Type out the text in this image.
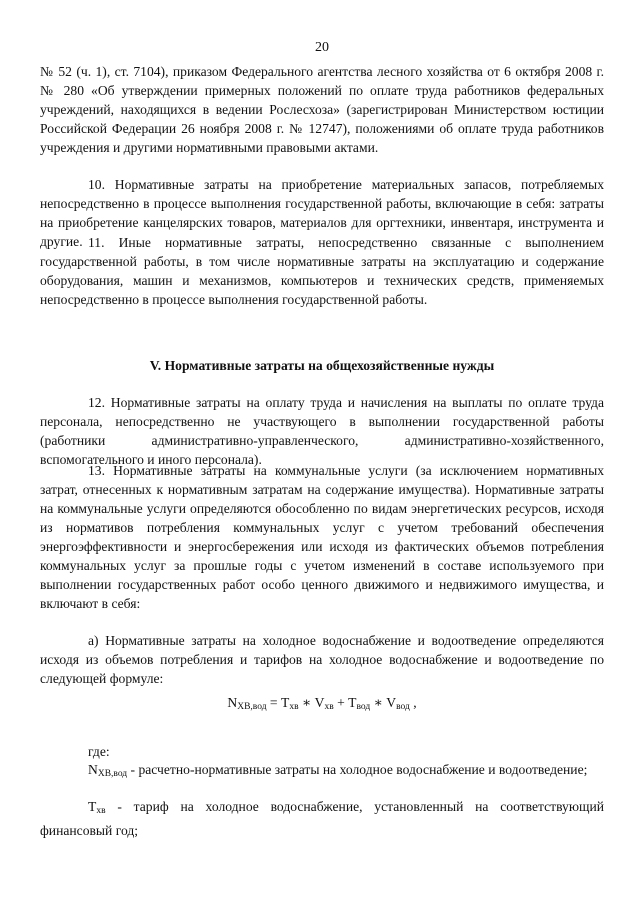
20
№ 52 (ч. 1), ст. 7104), приказом Федерального агентства лесного хозяйства от 6 октября 2008 г. № 280 «Об утверждении примерных положений по оплате труда работников федеральных учреждений, находящихся в ведении Рослесхоза» (зарегистрирован Министерством юстиции Российской Федерации 26 ноября 2008 г. № 12747), положениями об оплате труда работников учреждения и другими нормативными правовыми актами.
10. Нормативные затраты на приобретение материальных запасов, потребляемых непосредственно в процессе выполнения государственной работы, включающие в себя: затраты на приобретение канцелярских товаров, материалов для оргтехники, инвентаря, инструмента и другие. 11. Иные нормативные затраты, непосредственно связанные с выполнением государственной работы, в том числе нормативные затраты на эксплуатацию и содержание оборудования, машин и механизмов, компьютеров и технических средств, применяемых непосредственно в процессе выполнения государственной работы.
V. Нормативные затраты на общехозяйственные нужды
12. Нормативные затраты на оплату труда и начисления на выплаты по оплате труда персонала, непосредственно не участвующего в выполнении государственной работы (работники административно-управленческого, административно-хозяйственного, вспомогательного и иного персонала).
13. Нормативные затраты на коммунальные услуги (за исключением нормативных затрат, отнесенных к нормативным затратам на содержание имущества). Нормативные затраты на коммунальные услуги определяются обособленно по видам энергетических ресурсов, исходя из нормативов потребления коммунальных услуг с учетом требований обеспечения энергоэффективности и энергосбережения или исходя из фактических объемов потребления коммунальных услуг за прошлые годы с учетом изменений в составе используемого при выполнении государственных работ особо ценного движимого и недвижимого имущества, и включают в себя:
а) Нормативные затраты на холодное водоснабжение и водоотведение определяются исходя из объемов потребления и тарифов на холодное водоснабжение и водоотведение по следующей формуле:
$N_{ХВ,вод} = Т_{хв}$ ∗ $V_{хв} + Т_{вод}$ ∗ $V_{вод}$ ,
где:
$N_{ХВ,вод}$ - расчетно-нормативные затраты на холодное водоснабжение и водоотведение;
$Т_{хв}$ - тариф на холодное водоснабжение, установленный на соответствующий финансовый год;
